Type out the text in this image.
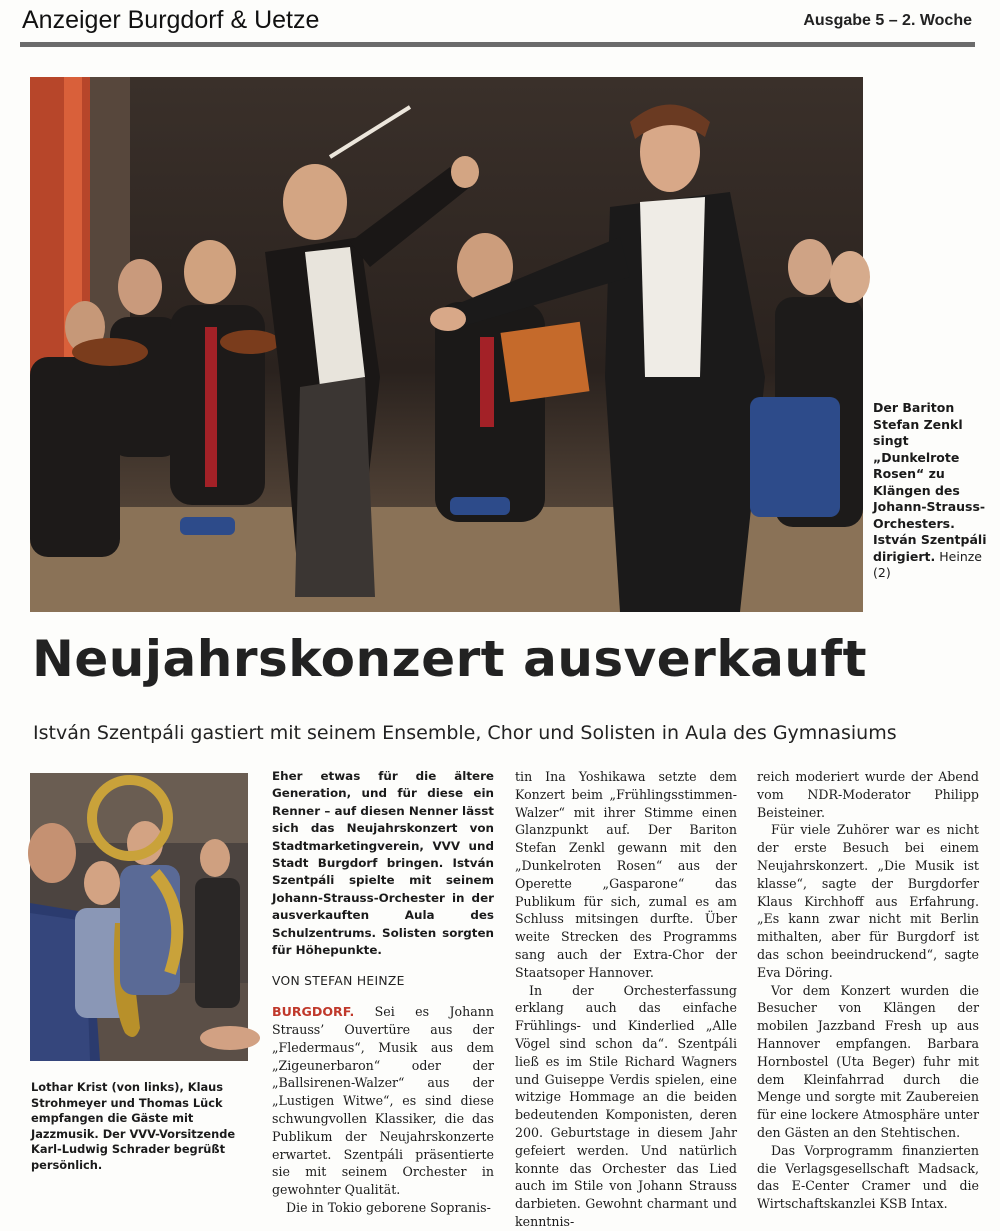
Anzeiger Burgdorf & Uetze	Ausgabe 5 – 2. Woche
Der Bariton Stefan Zenkl singt „Dunkelrote Rosen“ zu Klängen des Johann-Strauss-Orchesters. István Szentpáli dirigiert. Heinze (2)
Neujahrskonzert ausverkauft
István Szentpáli gastiert mit seinem Ensemble, Chor und Solisten in Aula des Gymnasiums
Lothar Krist (von links), Klaus Strohmeyer und Thomas Lück empfangen die Gäste mit Jazzmusik. Der VVV-Vorsitzende Karl-Ludwig Schrader begrüßt persönlich.

Eher etwas für die ältere Generation, und für diese ein Renner – auf diesen Nenner lässt sich das Neujahrskonzert von Stadtmarketingverein, VVV und Stadt Burgdorf bringen. István Szentpáli spielte mit seinem Johann-Strauss-Orchester in der ausverkauften Aula des Schulzentrums. Solisten sorgten für Höhepunkte.

VON STEFAN HEINZE

BURGDORF. Sei es Johann Strauss’ Ouvertüre aus der „Fledermaus“, Musik aus dem „Zigeunerbaron“ oder der „Ballsirenen-Walzer“ aus der „Lustigen Witwe“, es sind diese schwungvollen Klassiker, die das Publikum der Neujahrskonzerte erwartet. Szentpáli präsentierte sie mit seinem Orchester in gewohnter Qualität.

Die in Tokio geborene Sopranis-

tin Ina Yoshikawa setzte dem Konzert beim „Frühlingsstimmen-Walzer“ mit ihrer Stimme einen Glanzpunkt auf. Der Bariton Stefan Zenkl gewann mit den „Dunkelroten Rosen“ aus der Operette „Gasparone“ das Publikum für sich, zumal es am Schluss mitsingen durfte. Über weite Strecken des Programms sang auch der Extra-Chor der Staatsoper Hannover.

In der Orchesterfassung erklang auch das einfache Frühlings- und Kinderlied „Alle Vögel sind schon da“. Szentpáli ließ es im Stile Richard Wagners und Guiseppe Verdis spielen, eine witzige Hommage an die beiden bedeutenden Komponisten, deren 200. Geburtstage in diesem Jahr gefeiert werden. Und natürlich konnte das Orchester das Lied auch im Stile von Johann Strauss darbieten. Gewohnt charmant und kenntnis-

reich moderiert wurde der Abend vom NDR-Moderator Philipp Beisteiner.

Für viele Zuhörer war es nicht der erste Besuch bei einem Neujahrskonzert. „Die Musik ist klasse“, sagte der Burgdorfer Klaus Kirchhoff aus Erfahrung. „Es kann zwar nicht mit Berlin mithalten, aber für Burgdorf ist das schon beeindruckend“, sagte Eva Döring.

Vor dem Konzert wurden die Besucher von Klängen der mobilen Jazzband Fresh up aus Hannover empfangen. Barbara Hornbostel (Uta Beger) fuhr mit dem Kleinfahrrad durch die Menge und sorgte mit Zaubereien für eine lockere Atmosphäre unter den Gästen an den Stehtischen.

Das Vorprogramm finanzierten die Verlagsgesellschaft Madsack, das E-Center Cramer und die Wirtschaftskanzlei KSB Intax.
